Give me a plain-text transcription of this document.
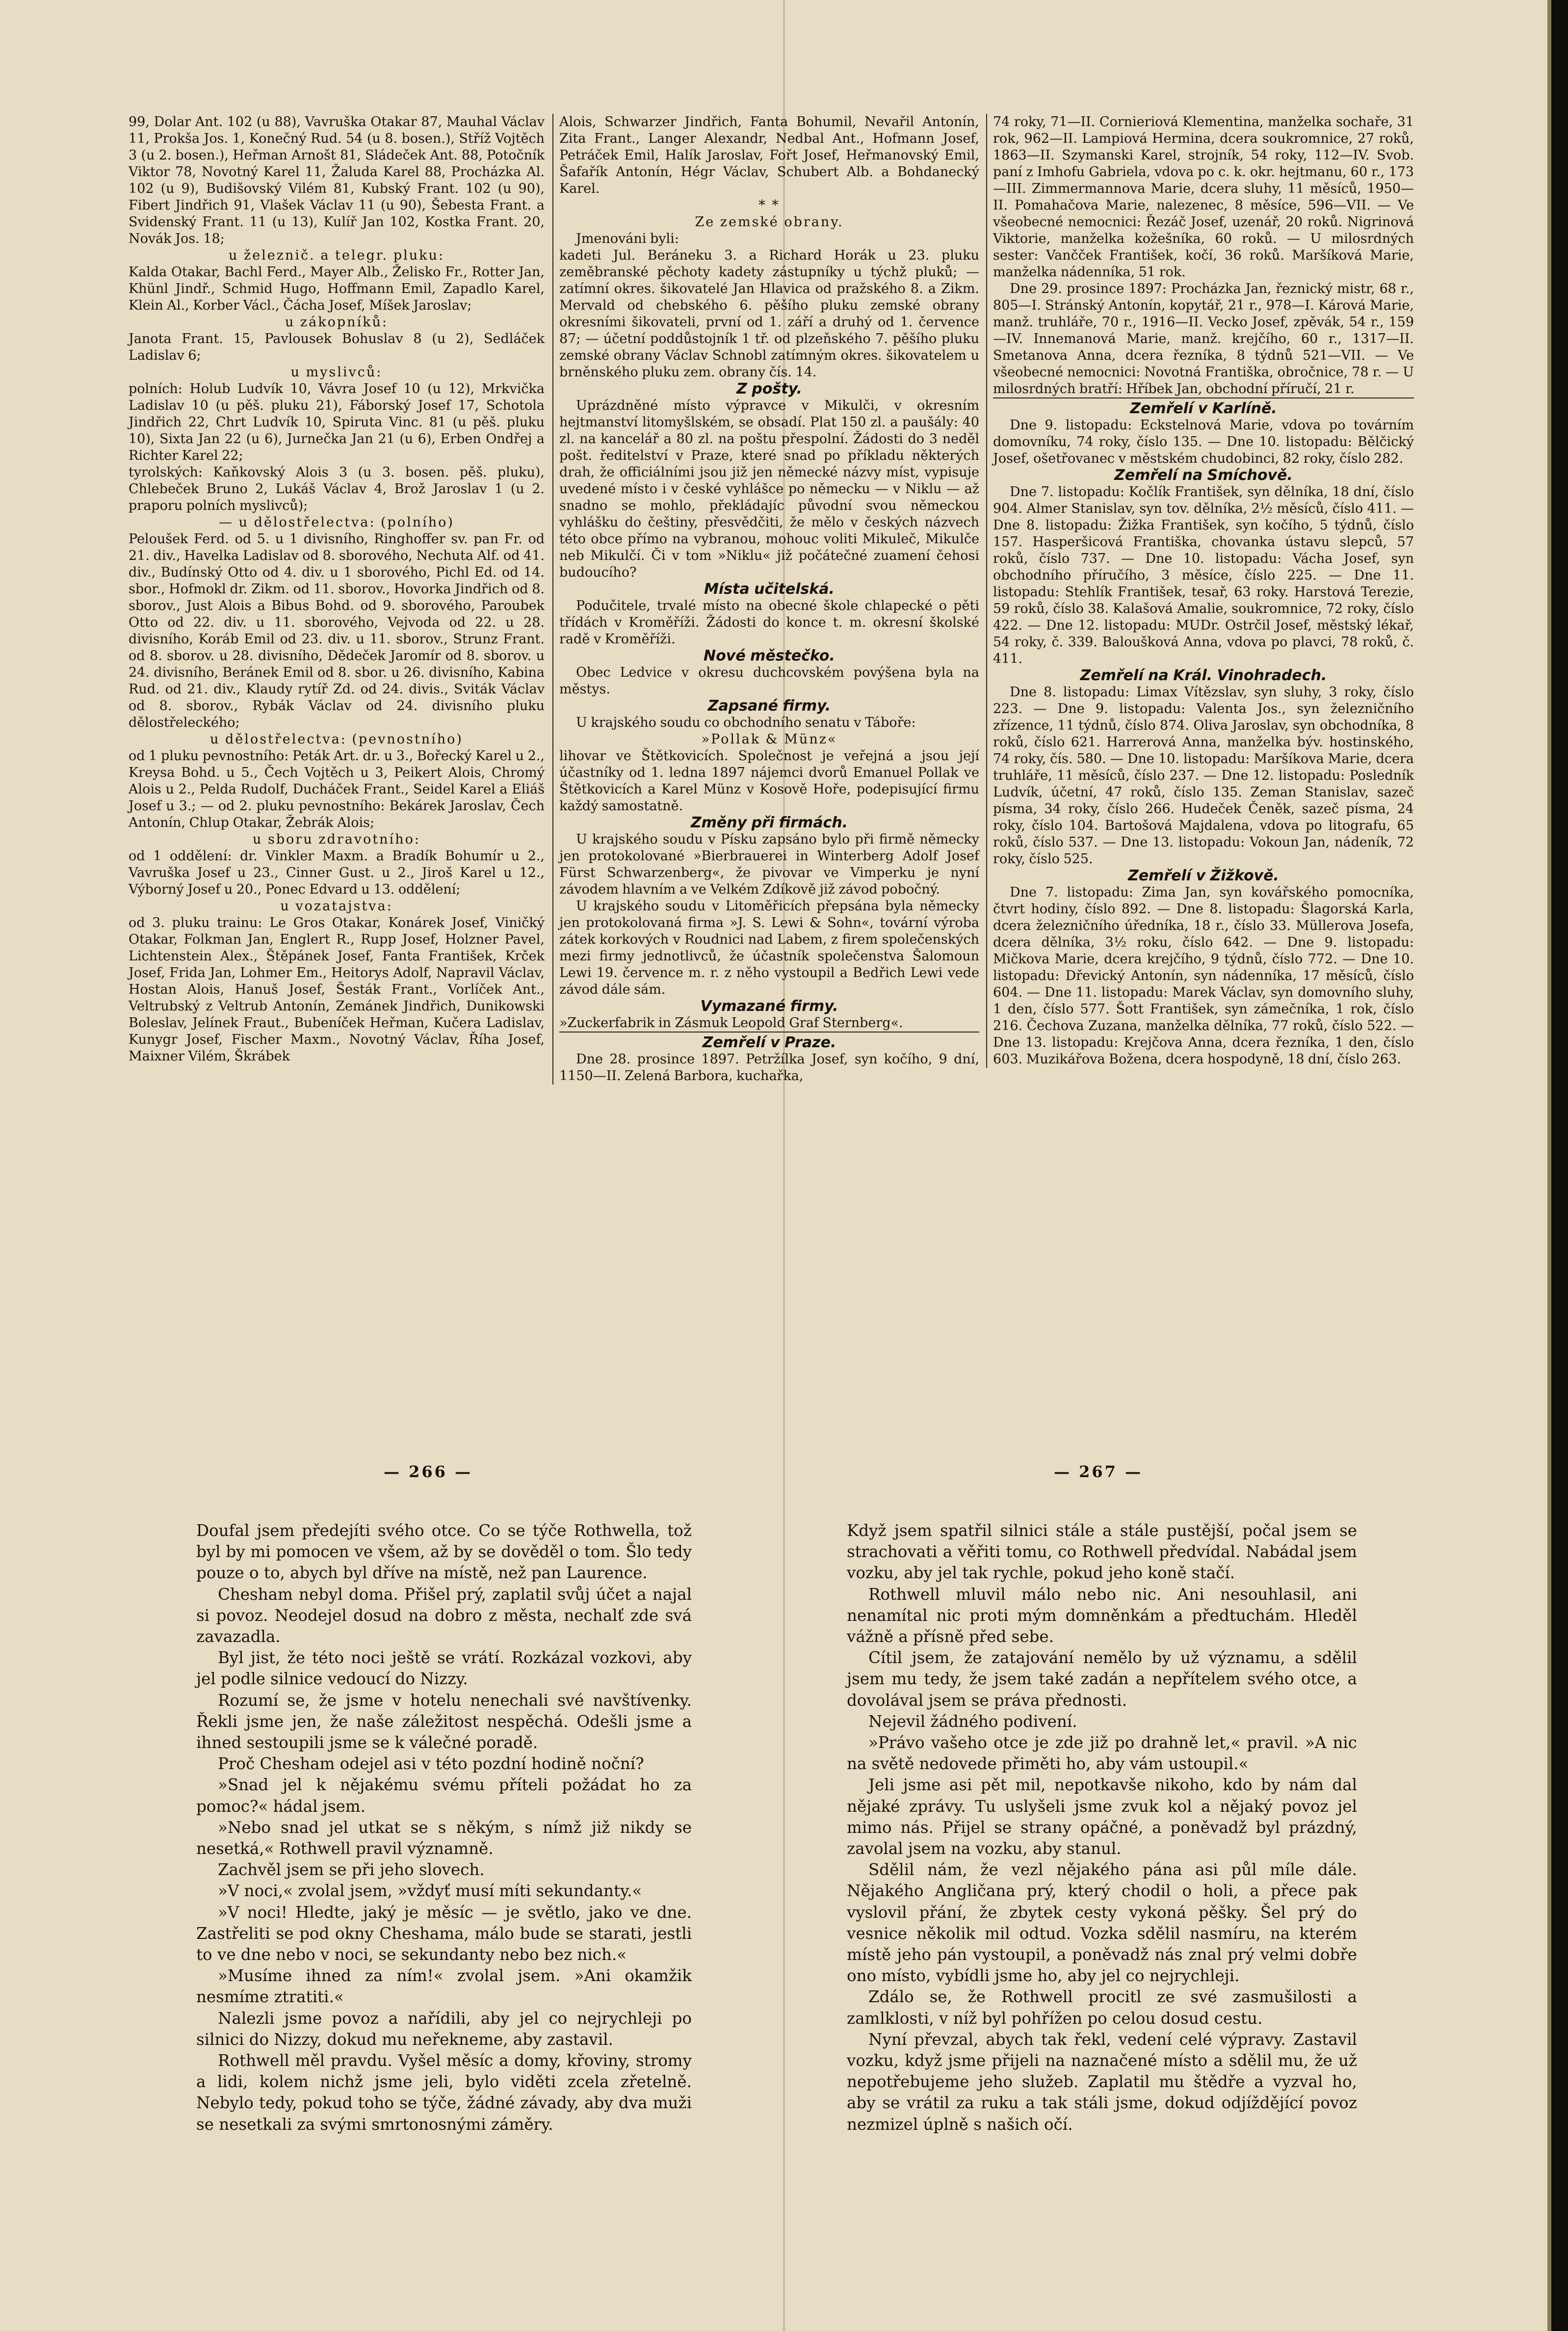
99, Dolar Ant. 102 (u 88), Vavruška Otakar 87, Mauhal Václav 11, Prokša Jos. 1, Konečný Rud. 54 (u 8. bosen.), Stříž Vojtěch 3 (u 2. bosen.), Heřman Arnošt 81, Sládeček Ant. 88, Potočník Viktor 78, Novotný Karel 11, Žaluda Karel 88, Procházka Al. 102 (u 9), Budišovský Vilém 81, Kubský Frant. 102 (u 90), Fibert Jindřich 91, Vlašek Václav 11 (u 90), Šebesta Frant. a Svidenský Frant. 11 (u 13), Kulíř Jan 102, Kostka Frant. 20, Novák Jos. 18;

u železnič. a telegr. pluku:

Kalda Otakar, Bachl Ferd., Mayer Alb., Želisko Fr., Rotter Jan, Khünl Jindř., Schmid Hugo, Hoffmann Emil, Zapadlo Karel, Klein Al., Korber Václ., Čácha Josef, Míšek Jaroslav;

u zákopníků:

Janota Frant. 15, Pavlousek Bohuslav 8 (u 2), Sedláček Ladislav 6;

u myslivců:

polních: Holub Ludvík 10, Vávra Josef 10 (u 12), Mrkvička Ladislav 10 (u pěš. pluku 21), Fáborský Josef 17, Schotola Jindřich 22, Chrt Ludvík 10, Spiruta Vinc. 81 (u pěš. pluku 10), Sixta Jan 22 (u 6), Jurnečka Jan 21 (u 6), Erben Ondřej a Richter Karel 22;

tyrolských: Kaňkovský Alois 3 (u 3. bosen. pěš. pluku), Chlebeček Bruno 2, Lukáš Václav 4, Brož Jaroslav 1 (u 2. praporu polních myslivců);

— u dělostřelectva: (polního)

Peloušek Ferd. od 5. u 1 divisního, Ringhoffer sv. pan Fr. od 21. div., Havelka Ladislav od 8. sborového, Nechuta Alf. od 41. div., Budínský Otto od 4. div. u 1 sborového, Pichl Ed. od 14. sbor., Hofmokl dr. Zikm. od 11. sborov., Hovorka Jindřich od 8. sborov., Just Alois a Bibus Bohd. od 9. sborového, Paroubek Otto od 22. div. u 11. sborového, Vejvoda od 22. u 28. divisního, Koráb Emil od 23. div. u 11. sborov., Strunz Frant. od 8. sborov. u 28. divisního, Dědeček Jaromír od 8. sborov. u 24. divisního, Beránek Emil od 8. sbor. u 26. divisního, Kabina Rud. od 21. div., Klaudy rytíř Zd. od 24. divis., Sviták Václav od 8. sborov., Rybák Václav od 24. divisního pluku dělostřeleckého;

u dělostřelectva: (pevnostního)

od 1 pluku pevnostního: Peták Art. dr. u 3., Bořecký Karel u 2., Kreysa Bohd. u 5., Čech Vojtěch u 3, Peikert Alois, Chromý Alois u 2., Pelda Rudolf, Ducháček Frant., Seidel Karel a Eliáš Josef u 3.; — od 2. pluku pevnostního: Bekárek Jaroslav, Čech Antonín, Chlup Otakar, Žebrák Alois;

u sboru zdravotního:

od 1 oddělení: dr. Vinkler Maxm. a Bradík Bohumír u 2., Vavruška Josef u 23., Cinner Gust. u 2., Jiroš Karel u 12., Výborný Josef u 20., Ponec Edvard u 13. oddělení;

u vozatajstva:

od 3. pluku trainu: Le Gros Otakar, Konárek Josef, Viničký Otakar, Folkman Jan, Englert R., Rupp Josef, Holzner Pavel, Lichtenstein Alex., Štěpánek Josef, Fanta František, Krček Josef, Frida Jan, Lohmer Em., Heitorys Adolf, Napravil Václav, Hostan Alois, Hanuš Josef, Šesták Frant., Vorlíček Ant., Veltrubský z Veltrub Antonín, Zemánek Jindřich, Dunikowski Boleslav, Jelínek Fraut., Bubeníček Heřman, Kučera Ladislav, Kunygr Josef, Fischer Maxm., Novotný Václav, Říha Josef, Maixner Vilém, Škrábek

Alois, Schwarzer Jindřich, Fanta Bohumil, Nevařil Antonín, Zita Frant., Langer Alexandr, Nedbal Ant., Hofmann Josef, Petráček Emil, Halík Jaroslav, Fořt Josef, Heřmanovský Emil, Šafařík Antonín, Hégr Václav, Schubert Alb. a Bohdanecký Karel.

* *

Ze zemské obrany.

Jmenováni byli:

kadeti Jul. Beráneku 3. a Richard Horák u 23. pluku zeměbranské pěchoty kadety zástupníky u týchž pluků; — zatímní okres. šikovatelé Jan Hlavica od pražského 8. a Zikm. Mervald od chebského 6. pěšího pluku zemské obrany okresními šikovateli, první od 1. září a druhý od 1. července 87; — účetní poddůstojník 1 tř. od plzeňského 7. pěšího pluku zemské obrany Václav Schnobl zatímným okres. šikovatelem u brněnského pluku zem. obrany čís. 14.

Z pošty.

Uprázdněné místo výpravce v Mikulči, v okresním hejtmanství litomyšlském, se obsadí. Plat 150 zl. a paušály: 40 zl. na kancelář a 80 zl. na poštu přespolní. Žádosti do 3 neděl pošt. ředitelství v Praze, které snad po příkladu některých drah, že officiálními jsou již jen německé názvy míst, vypisuje uvedené místo i v české vyhlášce po německu — v Niklu — až snadno se mohlo, překládajíc původní svou německou vyhlášku do češtiny, přesvědčiti, že mělo v českých názvech této obce přímo na vybranou, mohouc voliti Mikuleč, Mikulče neb Mikulčí. Či v tom »Niklu« již počátečné zuamení čehosi budoucího?

Místa učitelská.

Podučitele, trvalé místo na obecné škole chlapecké o pěti třídách v Kroměříži. Žádosti do konce t. m. okresní školské radě v Kroměříži.

Nové městečko.

Obec Ledvice v okresu duchcovském povýšena byla na městys.

Zapsané firmy.

U krajského soudu co obchodního senatu v Táboře:

»Pollak & Münz«

lihovar ve Štětkovicích. Společnost je veřejná a jsou její účastníky od 1. ledna 1897 nájemci dvorů Emanuel Pollak ve Štětkovicích a Karel Münz v Kosově Hoře, podepisující firmu každý samostatně.

Změny při firmách.

U krajského soudu v Písku zapsáno bylo při firmě německy jen protokolované »Bierbrauerei in Winterberg Adolf Josef Fürst Schwarzenberg«, že pivovar ve Vimperku je nyní závodem hlavním a ve Velkém Zdíkově již závod pobočný.

U krajského soudu v Litoměřicích přepsána byla německy jen protokolovaná firma »J. S. Lewi & Sohn«, tovární výroba zátek korkových v Roudnici nad Labem, z firem společenských mezi firmy jednotlivců, že účastník společenstva Šalomoun Lewi 19. července m. r. z něho vystoupil a Bedřich Lewi vede závod dále sám.

Vymazané firmy.

»Zuckerfabrik in Zásmuk Leopold Graf Sternberg«.

Zemřelí v Praze.

Dne 28. prosince 1897. Petržílka Josef, syn kočího, 9 dní, 1150—II. Zelená Barbora, kuchařka,

74 roky, 71—II. Cornieriová Klementina, manželka sochaře, 31 rok, 962—II. Lampiová Hermina, dcera soukromnice, 27 roků, 1863—II. Szymanski Karel, strojník, 54 roky, 112—IV. Svob. paní z Imhofu Gabriela, vdova po c. k. okr. hejtmanu, 60 r., 173—III. Zimmermannova Marie, dcera sluhy, 11 měsíců, 1950—II. Pomahačova Marie, nalezenec, 8 měsíce, 596—VII. — Ve všeobecné nemocnici: Řezáč Josef, uzenář, 20 roků. Nigrinová Viktorie, manželka kožešníka, 60 roků. — U milosrdných sester: Vančček František, kočí, 36 roků. Maršíková Marie, manželka nádenníka, 51 rok.

Dne 29. prosince 1897: Procházka Jan, řeznický mistr, 68 r., 805—I. Stránský Antonín, kopytář, 21 r., 978—I. Kárová Marie, manž. truhláře, 70 r., 1916—II. Vecko Josef, zpěvák, 54 r., 159—IV. Innemanová Marie, manž. krejčího, 60 r., 1317—II. Smetanova Anna, dcera řezníka, 8 týdnů 521—VII. — Ve všeobecné nemocnici: Novotná Františka, obročnice, 78 r. — U milosrdných bratří: Hříbek Jan, obchodní příručí, 21 r.

Zemřelí v Karlíně.

Dne 9. listopadu: Eckstelnová Marie, vdova po továrním domovníku, 74 roky, číslo 135. — Dne 10. listopadu: Bělčický Josef, ošetřovanec v městském chudobinci, 82 roky, číslo 282.

Zemřelí na Smíchově.

Dne 7. listopadu: Kočlík František, syn dělníka, 18 dní, číslo 904. Almer Stanislav, syn tov. dělníka, 2½ měsíců, číslo 411. — Dne 8. listopadu: Žižka František, syn kočího, 5 týdnů, číslo 157. Hasperšicová Františka, chovanka ústavu slepců, 57 roků, číslo 737. — Dne 10. listopadu: Vácha Josef, syn obchodního příručího, 3 měsíce, číslo 225. — Dne 11. listopadu: Stehlík František, tesař, 63 roky. Harstová Terezie, 59 roků, číslo 38. Kalašová Amalie, soukromnice, 72 roky, číslo 422. — Dne 12. listopadu: MUDr. Ostrčil Josef, městský lékař, 54 roky, č. 339. Baloušková Anna, vdova po plavci, 78 roků, č. 411.

Zemřelí na Král. Vinohradech.

Dne 8. listopadu: Limax Vítězslav, syn sluhy, 3 roky, číslo 223. — Dne 9. listopadu: Valenta Jos., syn železničního zřízence, 11 týdnů, číslo 874. Oliva Jaroslav, syn obchodníka, 8 roků, číslo 621. Harrerová Anna, manželka býv. hostinského, 74 roky, čís. 580. — Dne 10. listopadu: Maršíkova Marie, dcera truhláře, 11 měsíců, číslo 237. — Dne 12. listopadu: Posledník Ludvík, účetní, 47 roků, číslo 135. Zeman Stanislav, sazeč písma, 34 roky, číslo 266. Hudeček Čeněk, sazeč písma, 24 roky, číslo 104. Bartošová Majdalena, vdova po litografu, 65 roků, číslo 537. — Dne 13. listopadu: Vokoun Jan, nádeník, 72 roky, číslo 525.

Zemřelí v Žižkově.

Dne 7. listopadu: Zima Jan, syn kovářského pomocníka, čtvrt hodiny, číslo 892. — Dne 8. listopadu: Šlagorská Karla, dcera železničního úředníka, 18 r., číslo 33. Müllerova Josefa, dcera dělníka, 3½ roku, číslo 642. — Dne 9. listopadu: Mičkova Marie, dcera krejčího, 9 týdnů, číslo 772. — Dne 10. listopadu: Dřevický Antonín, syn nádenníka, 17 měsíců, číslo 604. — Dne 11. listopadu: Marek Václav, syn domovního sluhy, 1 den, číslo 577. Šott František, syn zámečníka, 1 rok, číslo 216. Čechova Zuzana, manželka dělníka, 77 roků, číslo 522. — Dne 13. listopadu: Krejčova Anna, dcera řezníka, 1 den, číslo 603. Muzikářova Božena, dcera hospodyně, 18 dní, číslo 263.

— 266 —	— 267 —

Doufal jsem předejíti svého otce. Co se týče Rothwella, tož byl by mi pomocen ve všem, až by se dověděl o tom. Šlo tedy pouze o to, abych byl dříve na místě, než pan Laurence.

Chesham nebyl doma. Přišel prý, zaplatil svůj účet a najal si povoz. Neodejel dosud na dobro z města, nechalť zde svá zavazadla.

Byl jist, že této noci ještě se vrátí. Rozkázal vozkovi, aby jel podle silnice vedoucí do Nizzy.

Rozumí se, že jsme v hotelu nenechali své navštívenky. Řekli jsme jen, že naše záležitost nespěchá. Odešli jsme a ihned sestoupili jsme se k válečné poradě.

Proč Chesham odejel asi v této pozdní hodině noční?

»Snad jel k nějakému svému příteli požádat ho za pomoc?« hádal jsem.

»Nebo snad jel utkat se s někým, s nímž již nikdy se nesetká,« Rothwell pravil významně.

Zachvěl jsem se při jeho slovech.

»V noci,« zvolal jsem, »vždyť musí míti sekundanty.«

»V noci! Hledte, jaký je měsíc — je světlo, jako ve dne. Zastřeliti se pod okny Cheshama, málo bude se starati, jestli to ve dne nebo v noci, se sekundanty nebo bez nich.«

»Musíme ihned za ním!« zvolal jsem. »Ani okamžik nesmíme ztratiti.«

Nalezli jsme povoz a nařídili, aby jel co nejrychleji po silnici do Nizzy, dokud mu neřekneme, aby zastavil.

Rothwell měl pravdu. Vyšel měsíc a domy, křoviny, stromy a lidi, kolem nichž jsme jeli, bylo viděti zcela zřetelně. Nebylo tedy, pokud toho se týče, žádné závady, aby dva muži se nesetkali za svými smrtonosnými záměry.

Když jsem spatřil silnici stále a stále pustější, počal jsem se strachovati a věřiti tomu, co Rothwell předvídal. Nabádal jsem vozku, aby jel tak rychle, pokud jeho koně stačí.

Rothwell mluvil málo nebo nic. Ani nesouhlasil, ani nenamítal nic proti mým domněnkám a předtuchám. Hleděl vážně a přísně před sebe.

Cítil jsem, že zatajování nemělo by už významu, a sdělil jsem mu tedy, že jsem také zadán a nepřítelem svého otce, a dovolával jsem se práva přednosti.

Nejevil žádného podivení.

»Právo vašeho otce je zde již po drahně let,« pravil. »A nic na světě nedovede přiměti ho, aby vám ustoupil.«

Jeli jsme asi pět mil, nepotkavše nikoho, kdo by nám dal nějaké zprávy. Tu uslyšeli jsme zvuk kol a nějaký povoz jel mimo nás. Přijel se strany opáčné, a poněvadž byl prázdný, zavolal jsem na vozku, aby stanul.

Sdělil nám, že vezl nějakého pána asi půl míle dále. Nějakého Angličana prý, který chodil o holi, a přece pak vyslovil přání, že zbytek cesty vykoná pěšky. Šel prý do vesnice několik mil odtud. Vozka sdělil nasmíru, na kterém místě jeho pán vystoupil, a poněvadž nás znal prý velmi dobře ono místo, vybídli jsme ho, aby jel co nejrychleji.

Zdálo se, že Rothwell procitl ze své zasmušilosti a zamlklosti, v níž byl pohřížen po celou dosud cestu.

Nyní převzal, abych tak řekl, vedení celé výpravy. Zastavil vozku, když jsme přijeli na naznačené místo a sdělil mu, že už nepotřebujeme jeho služeb. Zaplatil mu štědře a vyzval ho, aby se vrátil za ruku a tak stáli jsme, dokud odjíždějící povoz nezmizel úplně s našich očí.
